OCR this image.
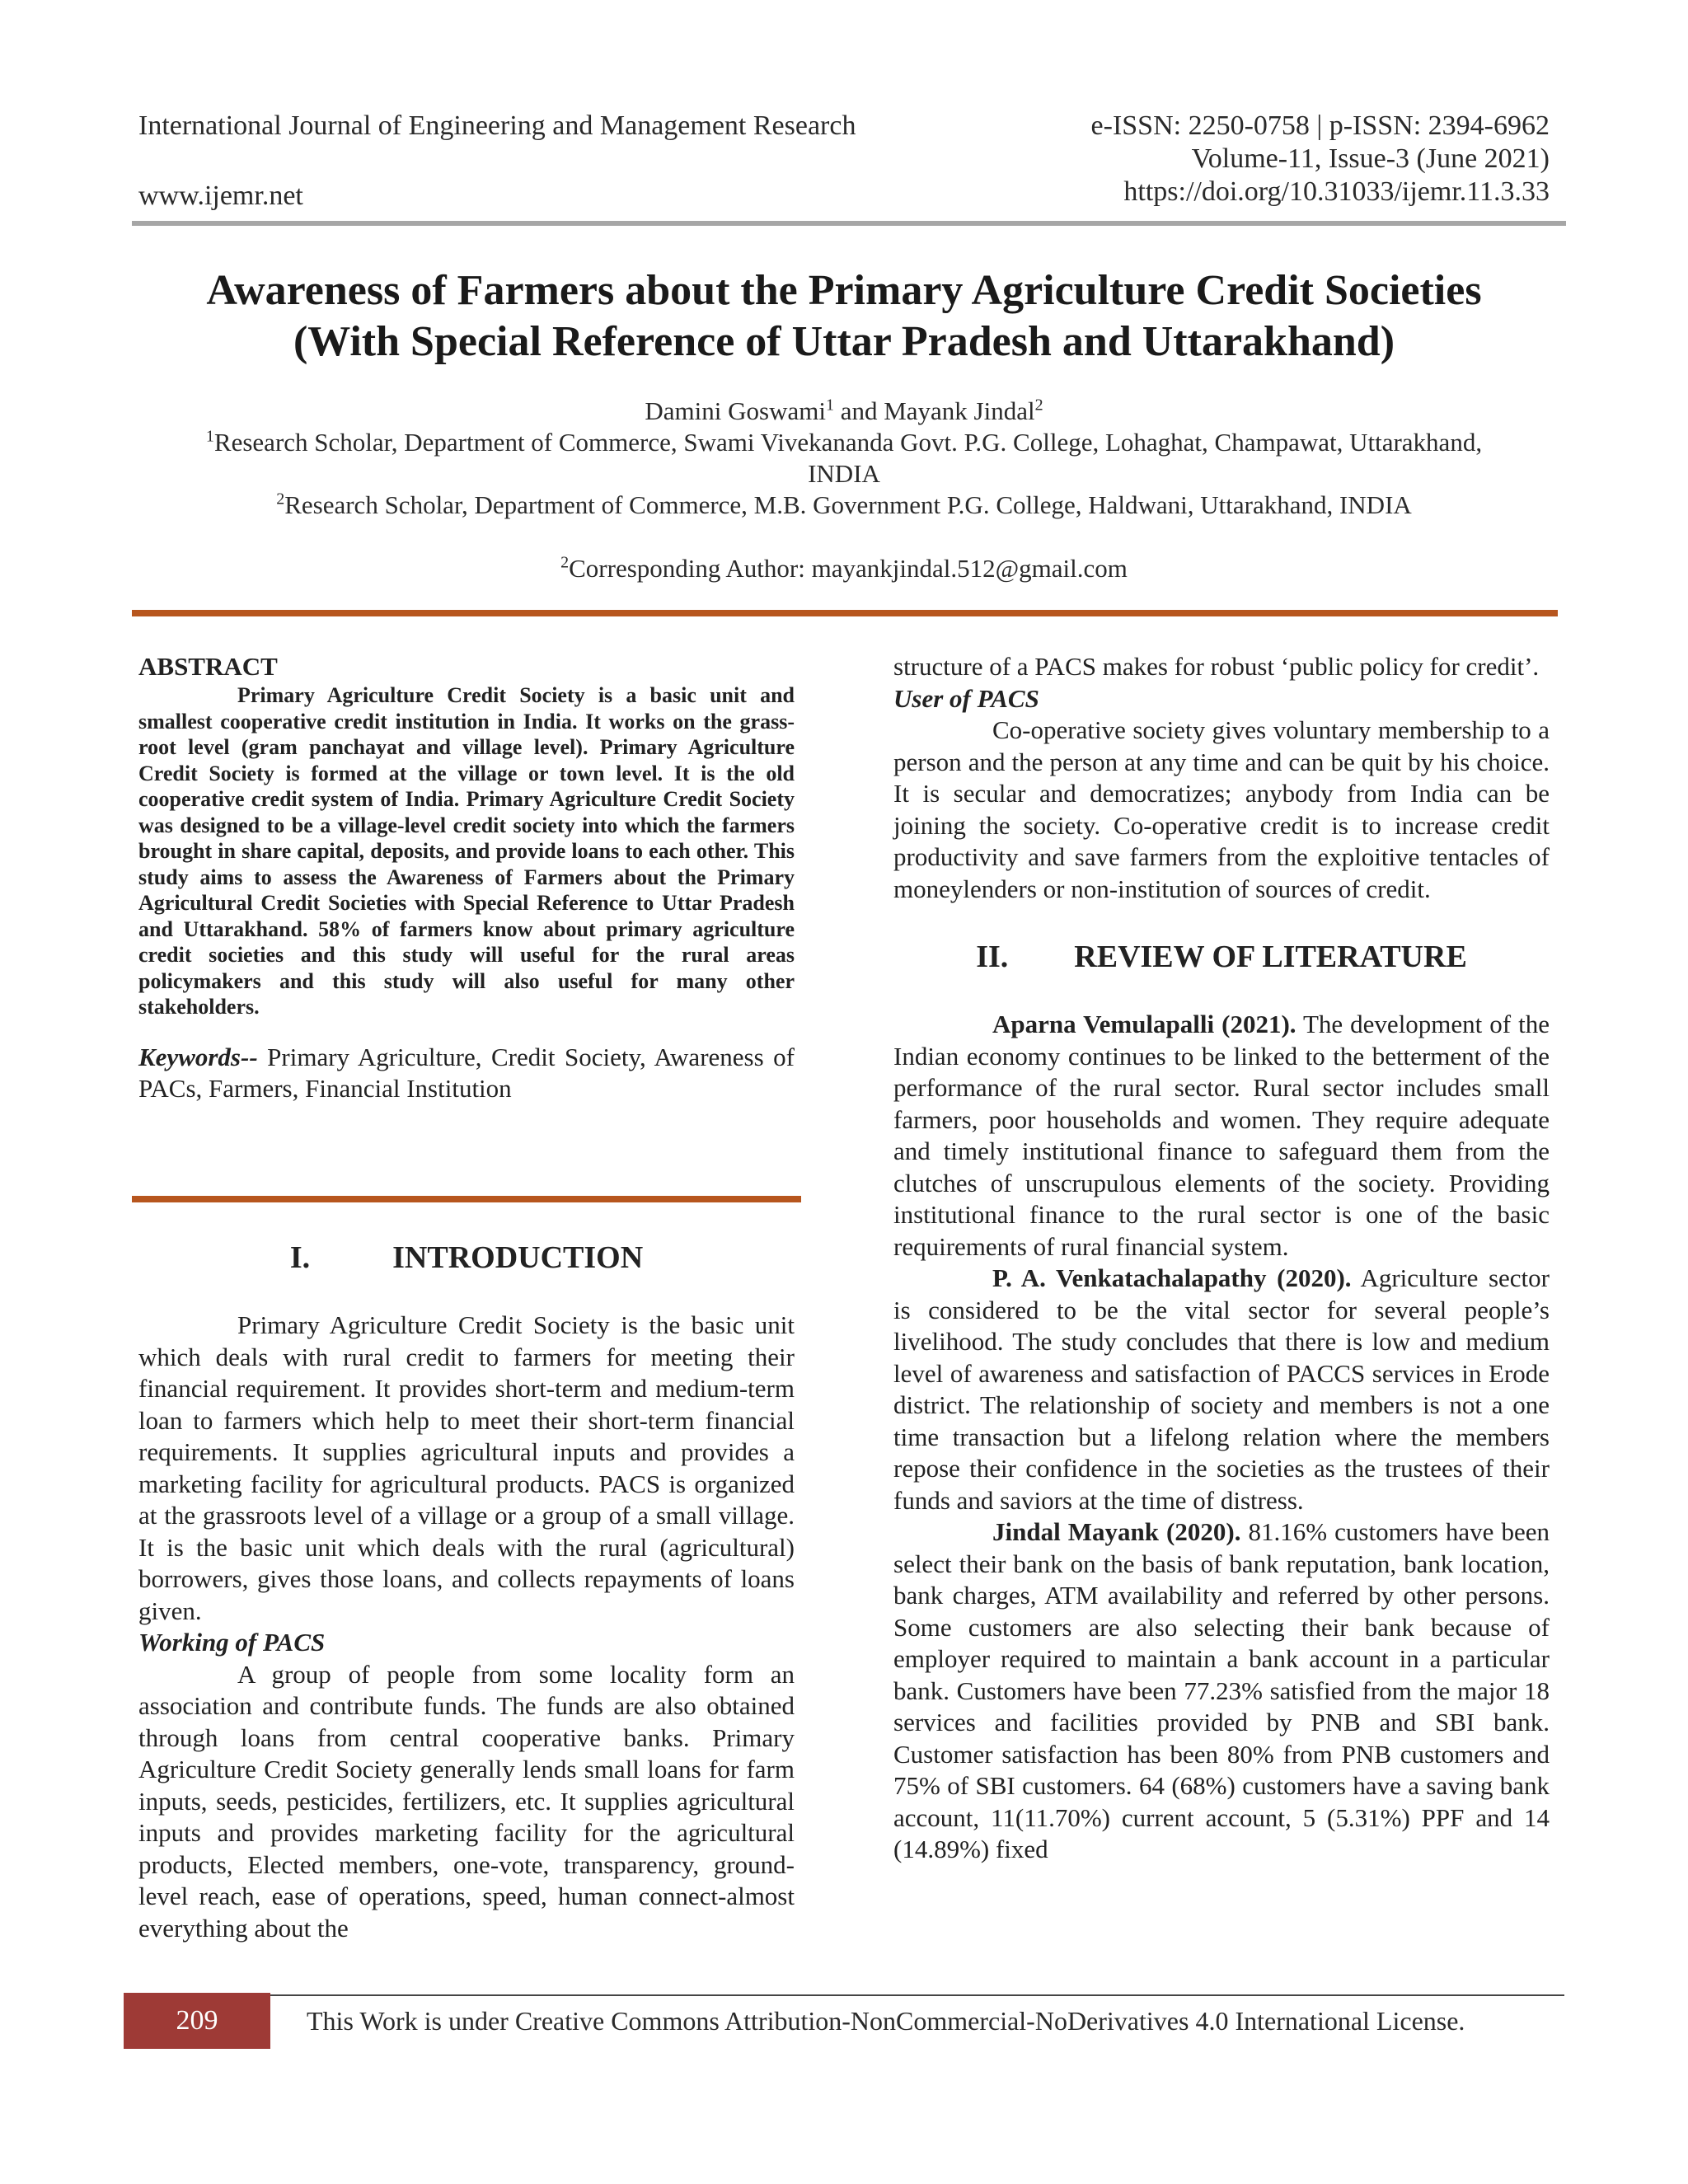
International Journal of Engineering and Management Research	e-ISSN: 2250-0758 | p-ISSN: 2394-6962
Volume-11, Issue-3 (June 2021)
https://doi.org/10.31033/ijemr.11.3.33
www.ijemr.net
Awareness of Farmers about the Primary Agriculture Credit Societies
(With Special Reference of Uttar Pradesh and Uttarakhand)
Damini Goswami$^1$ and Mayank Jindal$^2$
$^1$Research Scholar, Department of Commerce, Swami Vivekananda Govt. P.G. College, Lohaghat, Champawat, Uttarakhand,
INDIA
$^2$Research Scholar, Department of Commerce, M.B. Government P.G. College, Haldwani, Uttarakhand, INDIA
$^2$Corresponding Author: mayankjindal.512@gmail.com
ABSTRACT

Primary Agriculture Credit Society is a basic unit and smallest cooperative credit institution in India. It works on the grass-root level (gram panchayat and village level). Primary Agriculture Credit Society is formed at the village or town level. It is the old cooperative credit system of India. Primary Agriculture Credit Society was designed to be a village-level credit society into which the farmers brought in share capital, deposits, and provide loans to each other. This study aims to assess the Awareness of Farmers about the Primary Agricultural Credit Societies with Special Reference to Uttar Pradesh and Uttarakhand. 58% of farmers know about primary agriculture credit societies and this study will useful for the rural areas policymakers and this study will also useful for many other stakeholders.

Keywords-- Primary Agriculture, Credit Society, Awareness of PACs, Farmers, Financial Institution

I.	INTRODUCTION

Primary Agriculture Credit Society is the basic unit which deals with rural credit to farmers for meeting their financial requirement. It provides short-term and medium-term loan to farmers which help to meet their short-term financial requirements. It supplies agricultural inputs and provides a marketing facility for agricultural products. PACS is organized at the grassroots level of a village or a group of a small village. It is the basic unit which deals with the rural (agricultural) borrowers, gives those loans, and collects repayments of loans given.

Working of PACS

A group of people from some locality form an association and contribute funds. The funds are also obtained through loans from central cooperative banks. Primary Agriculture Credit Society generally lends small loans for farm inputs, seeds, pesticides, fertilizers, etc. It supplies agricultural inputs and provides marketing facility for the agricultural products, Elected members, one-vote, transparency, ground-level reach, ease of operations, speed, human connect-almost everything about the

structure of a PACS makes for robust ‘public policy for credit’.

User of PACS

Co-operative society gives voluntary membership to a person and the person at any time and can be quit by his choice. It is secular and democratizes; anybody from India can be joining the society. Co-operative credit is to increase credit productivity and save farmers from the exploitive tentacles of moneylenders or non-institution of sources of credit.

II. REVIEW OF LITERATURE

Aparna Vemulapalli (2021). The development of the Indian economy continues to be linked to the betterment of the performance of the rural sector. Rural sector includes small farmers, poor households and women. They require adequate and timely institutional finance to safeguard them from the clutches of unscrupulous elements of the society. Providing institutional finance to the rural sector is one of the basic requirements of rural financial system.

P. A. Venkatachalapathy (2020). Agriculture sector is considered to be the vital sector for several people’s livelihood. The study concludes that there is low and medium level of awareness and satisfaction of PACCS services in Erode district. The relationship of society and members is not a one time transaction but a lifelong relation where the members repose their confidence in the societies as the trustees of their funds and saviors at the time of distress.

Jindal Mayank (2020). 81.16% customers have been select their bank on the basis of bank reputation, bank location, bank charges, ATM availability and referred by other persons. Some customers are also selecting their bank because of employer required to maintain a bank account in a particular bank. Customers have been 77.23% satisfied from the major 18 services and facilities provided by PNB and SBI bank. Customer satisfaction has been 80% from PNB customers and 75% of SBI customers. 64 (68%) customers have a saving bank account, 11(11.70%) current account, 5 (5.31%) PPF and 14 (14.89%) fixed

209	This Work is under Creative Commons Attribution-NonCommercial-NoDerivatives 4.0 International License.
